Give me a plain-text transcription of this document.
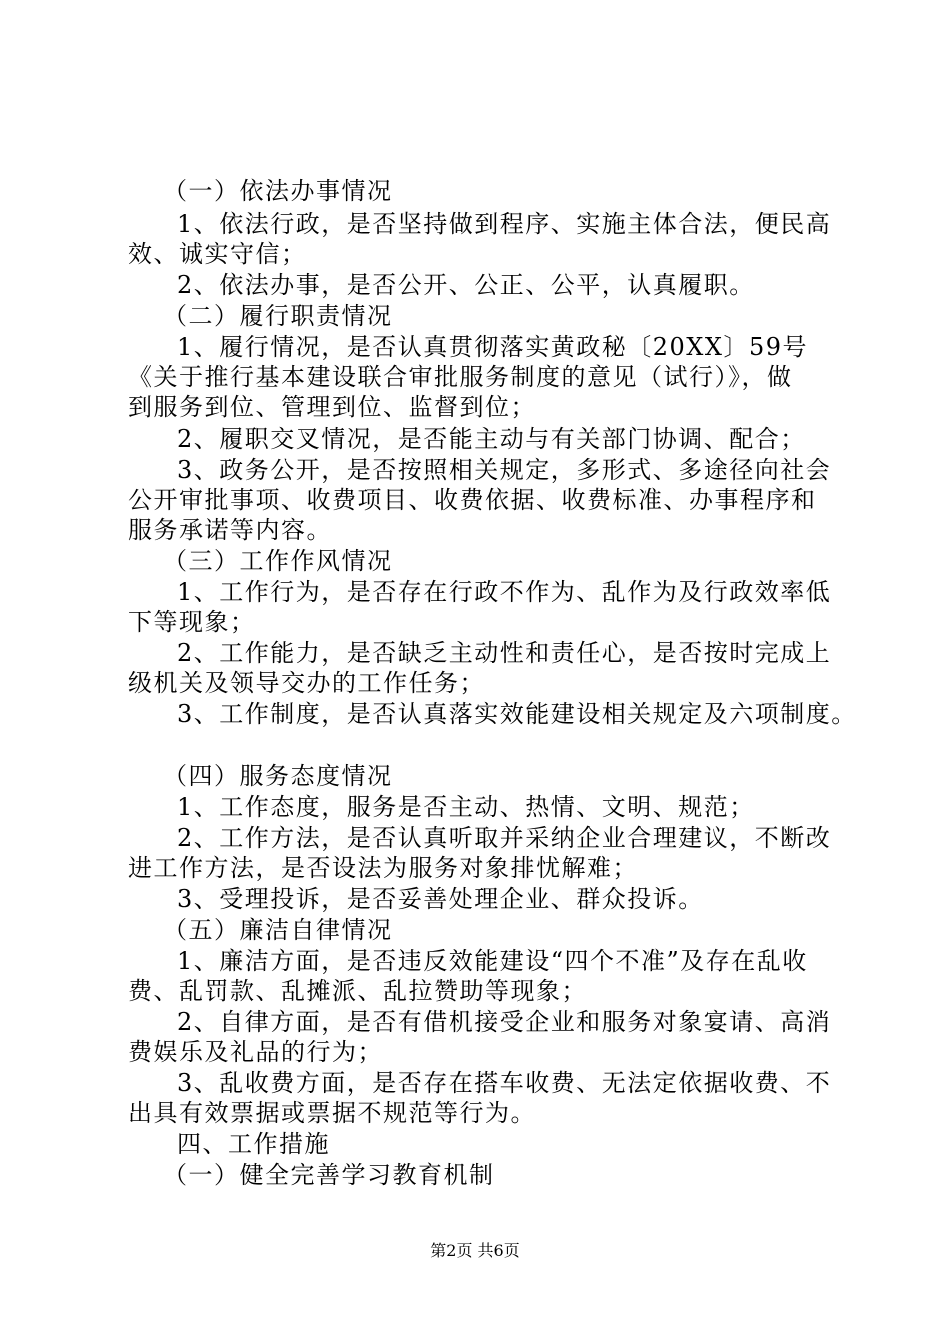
（一）依法办事情况
1、依法行政，是否坚持做到程序、实施主体合法，便民高
效、诚实守信；
2、依法办事，是否公开、公正、公平，认真履职。
（二）履行职责情况
1、履行情况，是否认真贯彻落实黄政秘〔20XX〕59号
《关于推行基本建设联合审批服务制度的意见（试行）》，做
到服务到位、管理到位、监督到位；
2、履职交叉情况，是否能主动与有关部门协调、配合；
3、政务公开，是否按照相关规定，多形式、多途径向社会
公开审批事项、收费项目、收费依据、收费标准、办事程序和
服务承诺等内容。
（三）工作作风情况
1、工作行为，是否存在行政不作为、乱作为及行政效率低
下等现象；
2、工作能力，是否缺乏主动性和责任心，是否按时完成上
级机关及领导交办的工作任务；
3、工作制度，是否认真落实效能建设相关规定及六项制度。
（四）服务态度情况
1、工作态度，服务是否主动、热情、文明、规范；
2、工作方法，是否认真听取并采纳企业合理建议，不断改
进工作方法，是否设法为服务对象排忧解难；
3、受理投诉，是否妥善处理企业、群众投诉。
（五）廉洁自律情况
1、廉洁方面，是否违反效能建设“四个不准”及存在乱收
费、乱罚款、乱摊派、乱拉赞助等现象；
2、自律方面，是否有借机接受企业和服务对象宴请、高消
费娱乐及礼品的行为；
3、乱收费方面，是否存在搭车收费、无法定依据收费、不
出具有效票据或票据不规范等行为。
四、工作措施
（一）健全完善学习教育机制
第2页 共6页
